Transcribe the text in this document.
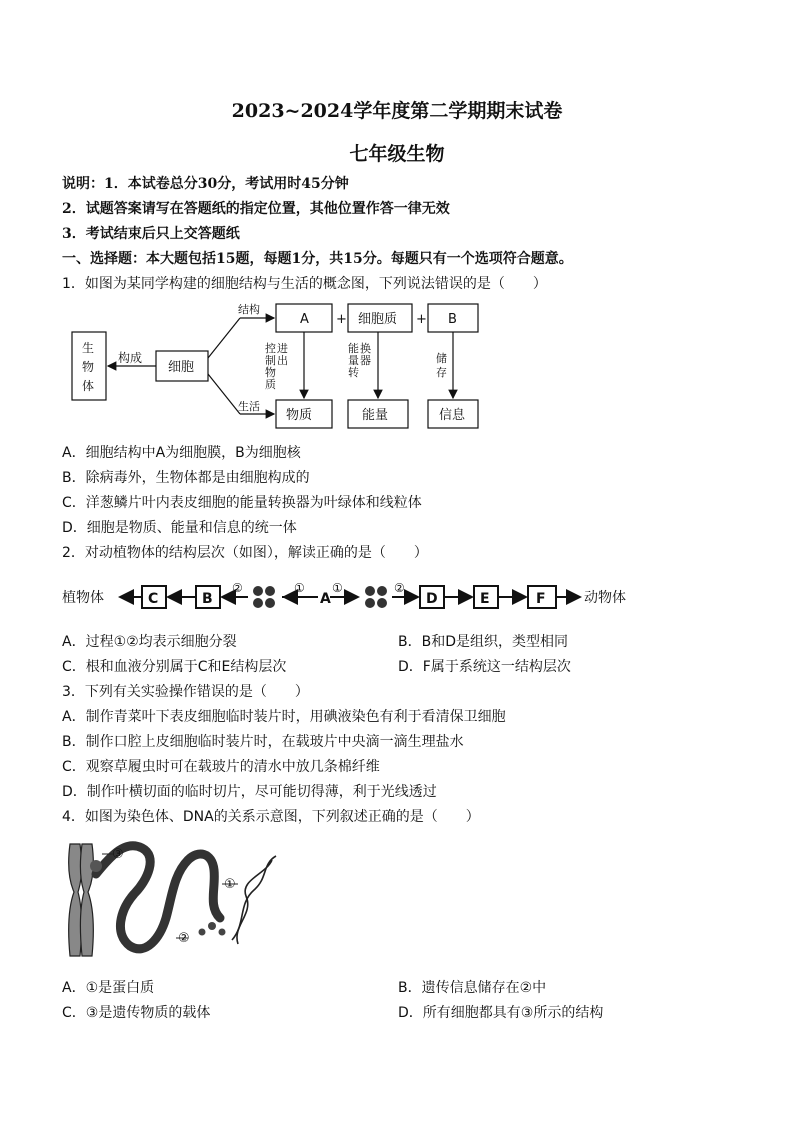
2023~2024学年度第二学期期末试卷
七年级生物
说明：1．本试卷总分30分，考试用时45分钟
2．试题答案请写在答题纸的指定位置，其他位置作答一律无效
3．考试结束后只上交答题纸
一、选择题：本大题包括15题，每题1分，共15分。每题只有一个选项符合题意。
1．如图为某同学构建的细胞结构与生活的概念图，下列说法错误的是（　　）
生
物
体
构成
细胞
结构
生活
A + 细胞质 + B
物质	能量	信息
控
制
物
质
进
出
能
量
转
换
器	储
存
A．细胞结构中A为细胞膜，B为细胞核
B．除病毒外，生物体都是由细胞构成的
C．洋葱鳞片叶内表皮细胞的能量转换器为叶绿体和线粒体
D．细胞是物质、能量和信息的统一体
2．对动植物体的结构层次（如图），解读正确的是（　　）
植物体	C	B	D	E	F
A
②	① ①	②
动物体
A．过程①②均表示细胞分裂	B．B和D是组织，类型相同
C．根和血液分别属于C和E结构层次	D．F属于系统这一结构层次
3．下列有关实验操作错误的是（　　）
A．制作青菜叶下表皮细胞临时装片时，用碘液染色有利于看清保卫细胞
B．制作口腔上皮细胞临时装片时，在载玻片中央滴一滴生理盐水
C．观察草履虫时可在载玻片的清水中放几条棉纤维
D．制作叶横切面的临时切片，尽可能切得薄，利于光线透过
4．如图为染色体、DNA的关系示意图，下列叙述正确的是（　　）
③
②
①
A．①是蛋白质	B．遗传信息储存在②中
C．③是遗传物质的载体	D．所有细胞都具有③所示的结构
